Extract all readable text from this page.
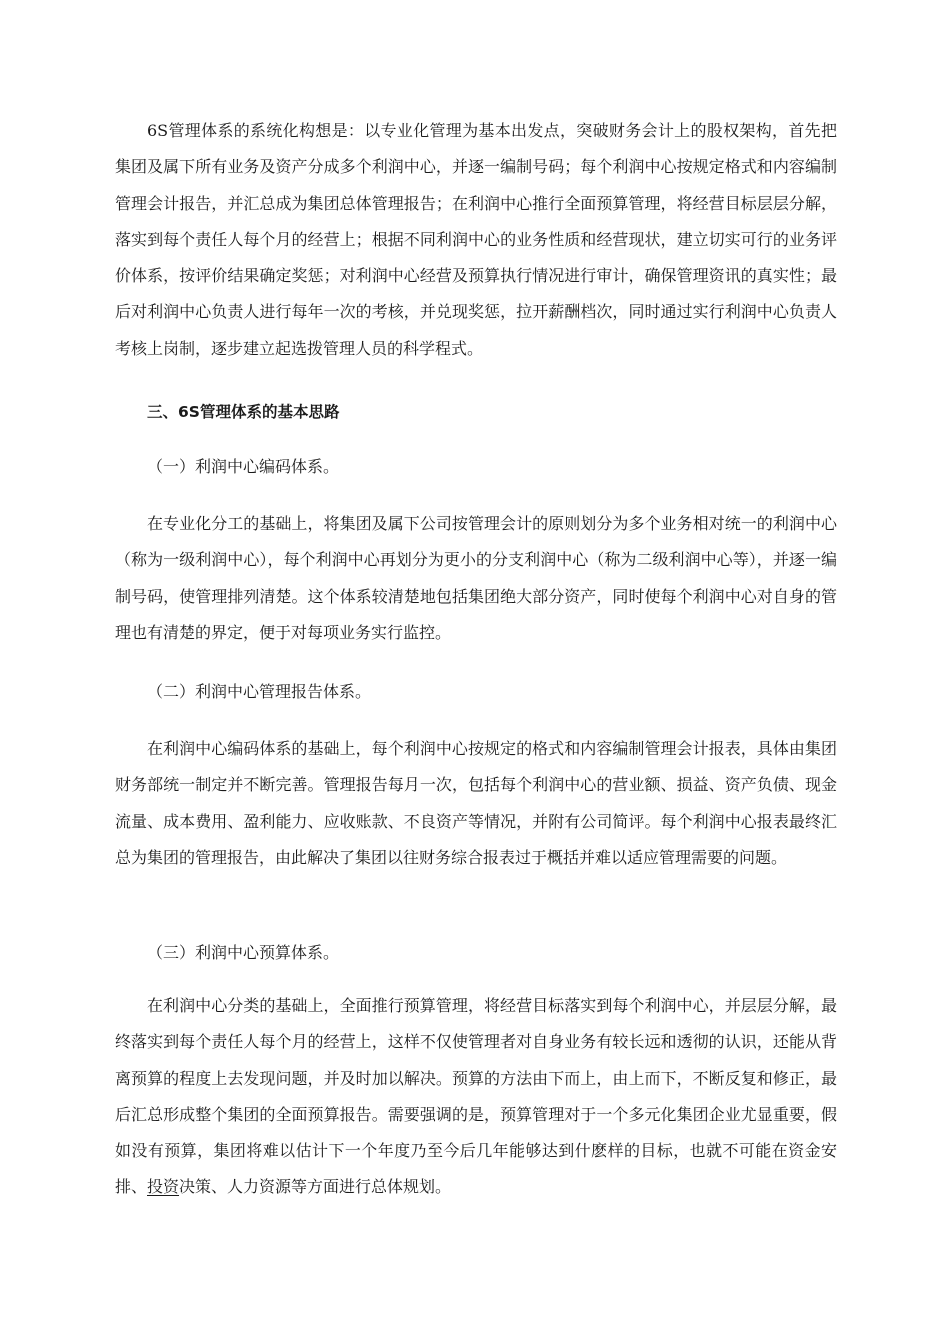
6S管理体系的系统化构想是：以专业化管理为基本出发点，突破财务会计上的股权架构，首先把集团及属下所有业务及资产分成多个利润中心，并逐一编制号码；每个利润中心按规定格式和内容编制管理会计报告，并汇总成为集团总体管理报告；在利润中心推行全面预算管理，将经营目标层层分解，落实到每个责任人每个月的经营上；根据不同利润中心的业务性质和经营现状，建立切实可行的业务评价体系，按评价结果确定奖惩；对利润中心经营及预算执行情况进行审计，确保管理资讯的真实性；最后对利润中心负责人进行每年一次的考核，并兑现奖惩，拉开薪酬档次，同时通过实行利润中心负责人考核上岗制，逐步建立起选拨管理人员的科学程式。

三、6S管理体系的基本思路

（一）利润中心编码体系。

在专业化分工的基础上，将集团及属下公司按管理会计的原则划分为多个业务相对统一的利润中心（称为一级利润中心），每个利润中心再划分为更小的分支利润中心（称为二级利润中心等），并逐一编制号码，使管理排列清楚。这个体系较清楚地包括集团绝大部分资产，同时使每个利润中心对自身的管理也有清楚的界定，便于对每项业务实行监控。

（二）利润中心管理报告体系。

在利润中心编码体系的基础上，每个利润中心按规定的格式和内容编制管理会计报表，具体由集团财务部统一制定并不断完善。管理报告每月一次，包括每个利润中心的营业额、损益、资产负债、现金流量、成本费用、盈利能力、应收账款、不良资产等情况，并附有公司简评。每个利润中心报表最终汇总为集团的管理报告，由此解决了集团以往财务综合报表过于概括并难以适应管理需要的问题。

（三）利润中心预算体系。

在利润中心分类的基础上，全面推行预算管理，将经营目标落实到每个利润中心，并层层分解，最终落实到每个责任人每个月的经营上，这样不仅使管理者对自身业务有较长远和透彻的认识，还能从背离预算的程度上去发现问题，并及时加以解决。预算的方法由下而上，由上而下，不断反复和修正，最后汇总形成整个集团的全面预算报告。需要强调的是，预算管理对于一个多元化集团企业尤显重要，假如没有预算，集团将难以估计下一个年度乃至今后几年能够达到什麽样的目标，也就不可能在资金安排、投资决策、人力资源等方面进行总体规划。
